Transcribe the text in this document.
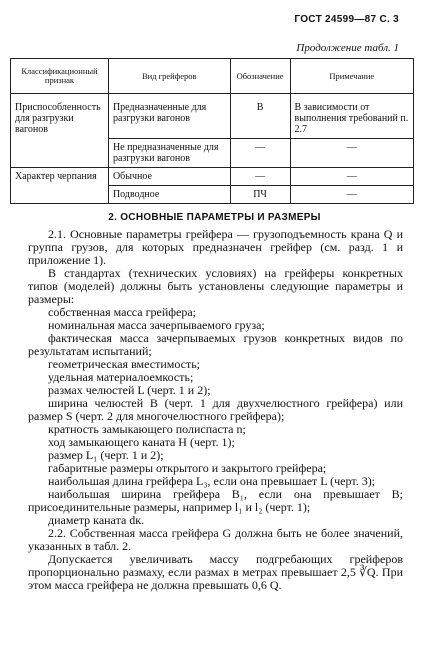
ГОСТ 24599—87 С. 3
Продолжение табл. 1
Классификационный признак	Вид грейферов	Обозначение	Примечание
Приспособленность для разгрузки вагонов	Предназначенные для разгрузки вагонов	В	В зависимости от выполнения требований п. 2.7
	Не предназначенные для разгрузки вагонов	—	—
Характер черпания	Обычное	—	—
	Подводное	ПЧ	—
2. ОСНОВНЫЕ ПАРАМЕТРЫ И РАЗМЕРЫ

2.1. Основные параметры грейфера — грузоподъемность крана Q и группа грузов, для которых предназначен грейфер (см. разд. 1 и приложение 1).

В стандартах (технических условиях) на грейферы конкретных типов (моделей) должны быть установлены следующие параметры и размеры:

собственная масса грейфера;

номинальная масса зачерпываемого груза;

фактическая масса зачерпываемых грузов конкретных видов по результатам испытаний;

геометрическая вместимость;

удельная материалоемкость;

размах челюстей L (черт. 1 и 2);

ширина челюстей B (черт. 1 для двухчелюстного грейфера) или размер S (черт. 2 для многочелюстного грейфера);

кратность замыкающего полиспаста n;

ход замыкающего каната H (черт. 1);

размер L₁ (черт. 1 и 2);

габаритные размеры открытого и закрытого грейфера;

наибольшая длина грейфера L₃, если она превышает L (черт. 3);

наибольшая ширина грейфера B₁, если она превышает B; присоединительные размеры, например l₁ и l₂ (черт. 1);

диаметр каната dк.

2.2. Собственная масса грейфера G должна быть не более значений, указанных в табл. 2.

Допускается увеличивать массу подгребающих грейферов пропорционально размаху, если размах в метрах превышает 2,5 ∛Q. При этом масса грейфера не должна превышать 0,6 Q.
